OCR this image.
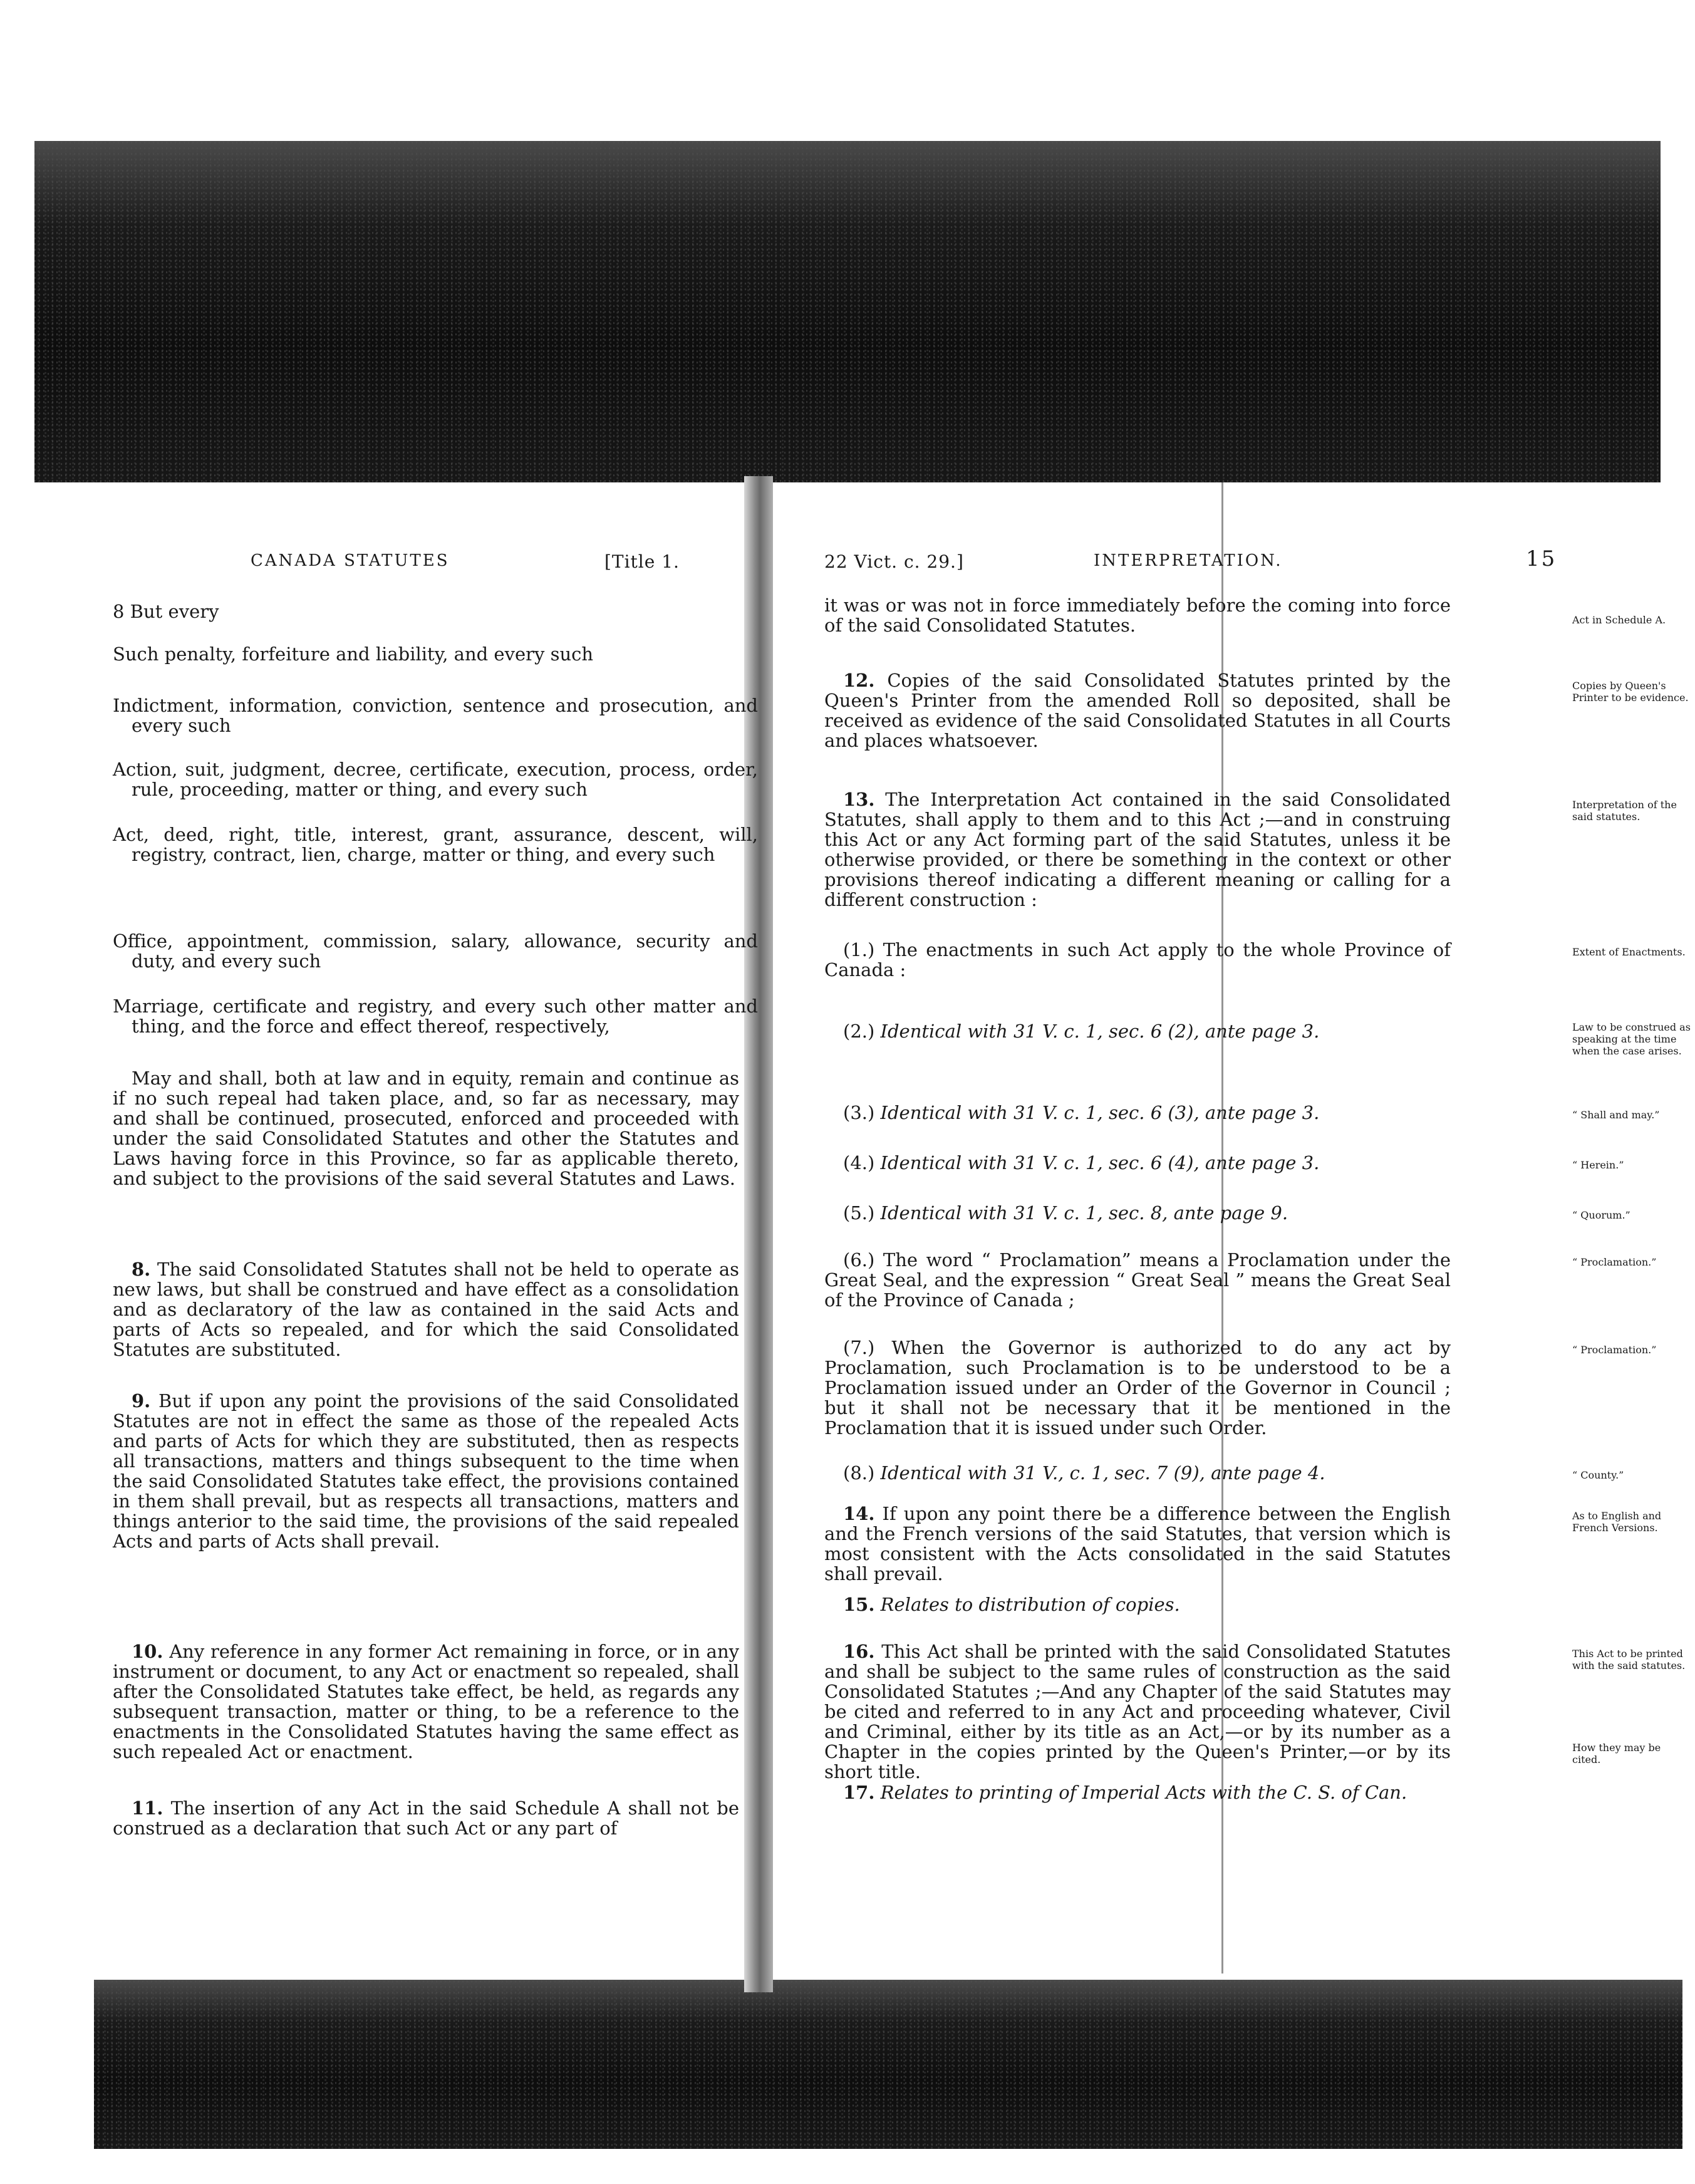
CANADA STATUTES	[Title 1.

8 But every

Such penalty, forfeiture and liability, and every such

Indictment, information, conviction, sentence and prosecution, and every such

Action, suit, judgment, decree, certificate, execution, process, order, rule, proceeding, matter or thing, and every such

Act, deed, right, title, interest, grant, assurance, descent, will, registry, contract, lien, charge, matter or thing, and every such

Office, appointment, commission, salary, allowance, security and duty, and every such

Marriage, certificate and registry, and every such other matter and thing, and the force and effect thereof, respectively,

May and shall, both at law and in equity, remain and continue as if no such repeal had taken place, and, so far as necessary, may and shall be continued, prosecuted, enforced and proceeded with under the said Consolidated Statutes and other the Statutes and Laws having force in this Province, so far as applicable thereto, and subject to the provisions of the said several Statutes and Laws.

8. The said Consolidated Statutes shall not be held to operate as new laws, but shall be construed and have effect as a consolidation and as declaratory of the law as contained in the said Acts and parts of Acts so repealed, and for which the said Consolidated Statutes are substituted.

9. But if upon any point the provisions of the said Consolidated Statutes are not in effect the same as those of the repealed Acts and parts of Acts for which they are substituted, then as respects all transactions, matters and things subsequent to the time when the said Consolidated Statutes take effect, the provisions contained in them shall prevail, but as respects all transactions, matters and things anterior to the said time, the provisions of the said repealed Acts and parts of Acts shall prevail.

10. Any reference in any former Act remaining in force, or in any instrument or document, to any Act or enactment so repealed, shall after the Consolidated Statutes take effect, be held, as regards any subsequent transaction, matter or thing, to be a reference to the enactments in the Consolidated Statutes having the same effect as such repealed Act or enactment.

11. The insertion of any Act in the said Schedule A shall not be construed as a declaration that such Act or any part of

22 Vict. c. 29.]	INTERPRETATION.	15

it was or was not in force immediately before the coming into force of the said Consolidated Statutes.

12. Copies of the said Consolidated Statutes printed by the Queen's Printer from the amended Roll so deposited, shall be received as evidence of the said Consolidated Statutes in all Courts and places whatsoever.

13. The Interpretation Act contained in the said Consolidated Statutes, shall apply to them and to this Act ;—and in construing this Act or any Act forming part of the said Statutes, unless it be otherwise provided, or there be something in the context or other provisions thereof indicating a different meaning or calling for a different construction :

(1.) The enactments in such Act apply to the whole Province of Canada :

(2.) Identical with 31 V. c. 1, sec. 6 (2), ante page 3.

(3.) Identical with 31 V. c. 1, sec. 6 (3), ante page 3.

(4.) Identical with 31 V. c. 1, sec. 6 (4), ante page 3.

(5.) Identical with 31 V. c. 1, sec. 8, ante page 9.

(6.) The word “ Proclamation” means a Proclamation under the Great Seal, and the expression “ Great Seal ” means the Great Seal of the Province of Canada ;

(7.) When the Governor is authorized to do any act by Proclamation, such Proclamation is to be understood to be a Proclamation issued under an Order of the Governor in Council ; but it shall not be necessary that it be mentioned in the Proclamation that it is issued under such Order.

(8.) Identical with 31 V., c. 1, sec. 7 (9), ante page 4.

14. If upon any point there be a difference between the English and the French versions of the said Statutes, that version which is most consistent with the Acts consolidated in the said Statutes shall prevail.

15. Relates to distribution of copies.

16. This Act shall be printed with the said Consolidated Statutes and shall be subject to the same rules of construction as the said Consolidated Statutes ;—And any Chapter of the said Statutes may be cited and referred to in any Act and proceeding whatever, Civil and Criminal, either by its title as an Act,—or by its number as a Chapter in the copies printed by the Queen's Printer,—or by its short title.

17. Relates to printing of Imperial Acts with the C. S. of Can.

Act in Schedule A.
Copies by Queen's Printer to be evidence.
Interpretation of the said statutes.
Extent of Enactments.
Law to be construed as speaking at the time when the case arises.
“ Shall and may.”
“ Herein.”
“ Quorum.”
“ Proclamation.”
“ Proclamation.”
“ County.”
As to English and French Versions.
This Act to be printed with the said statutes.
How they may be cited.
